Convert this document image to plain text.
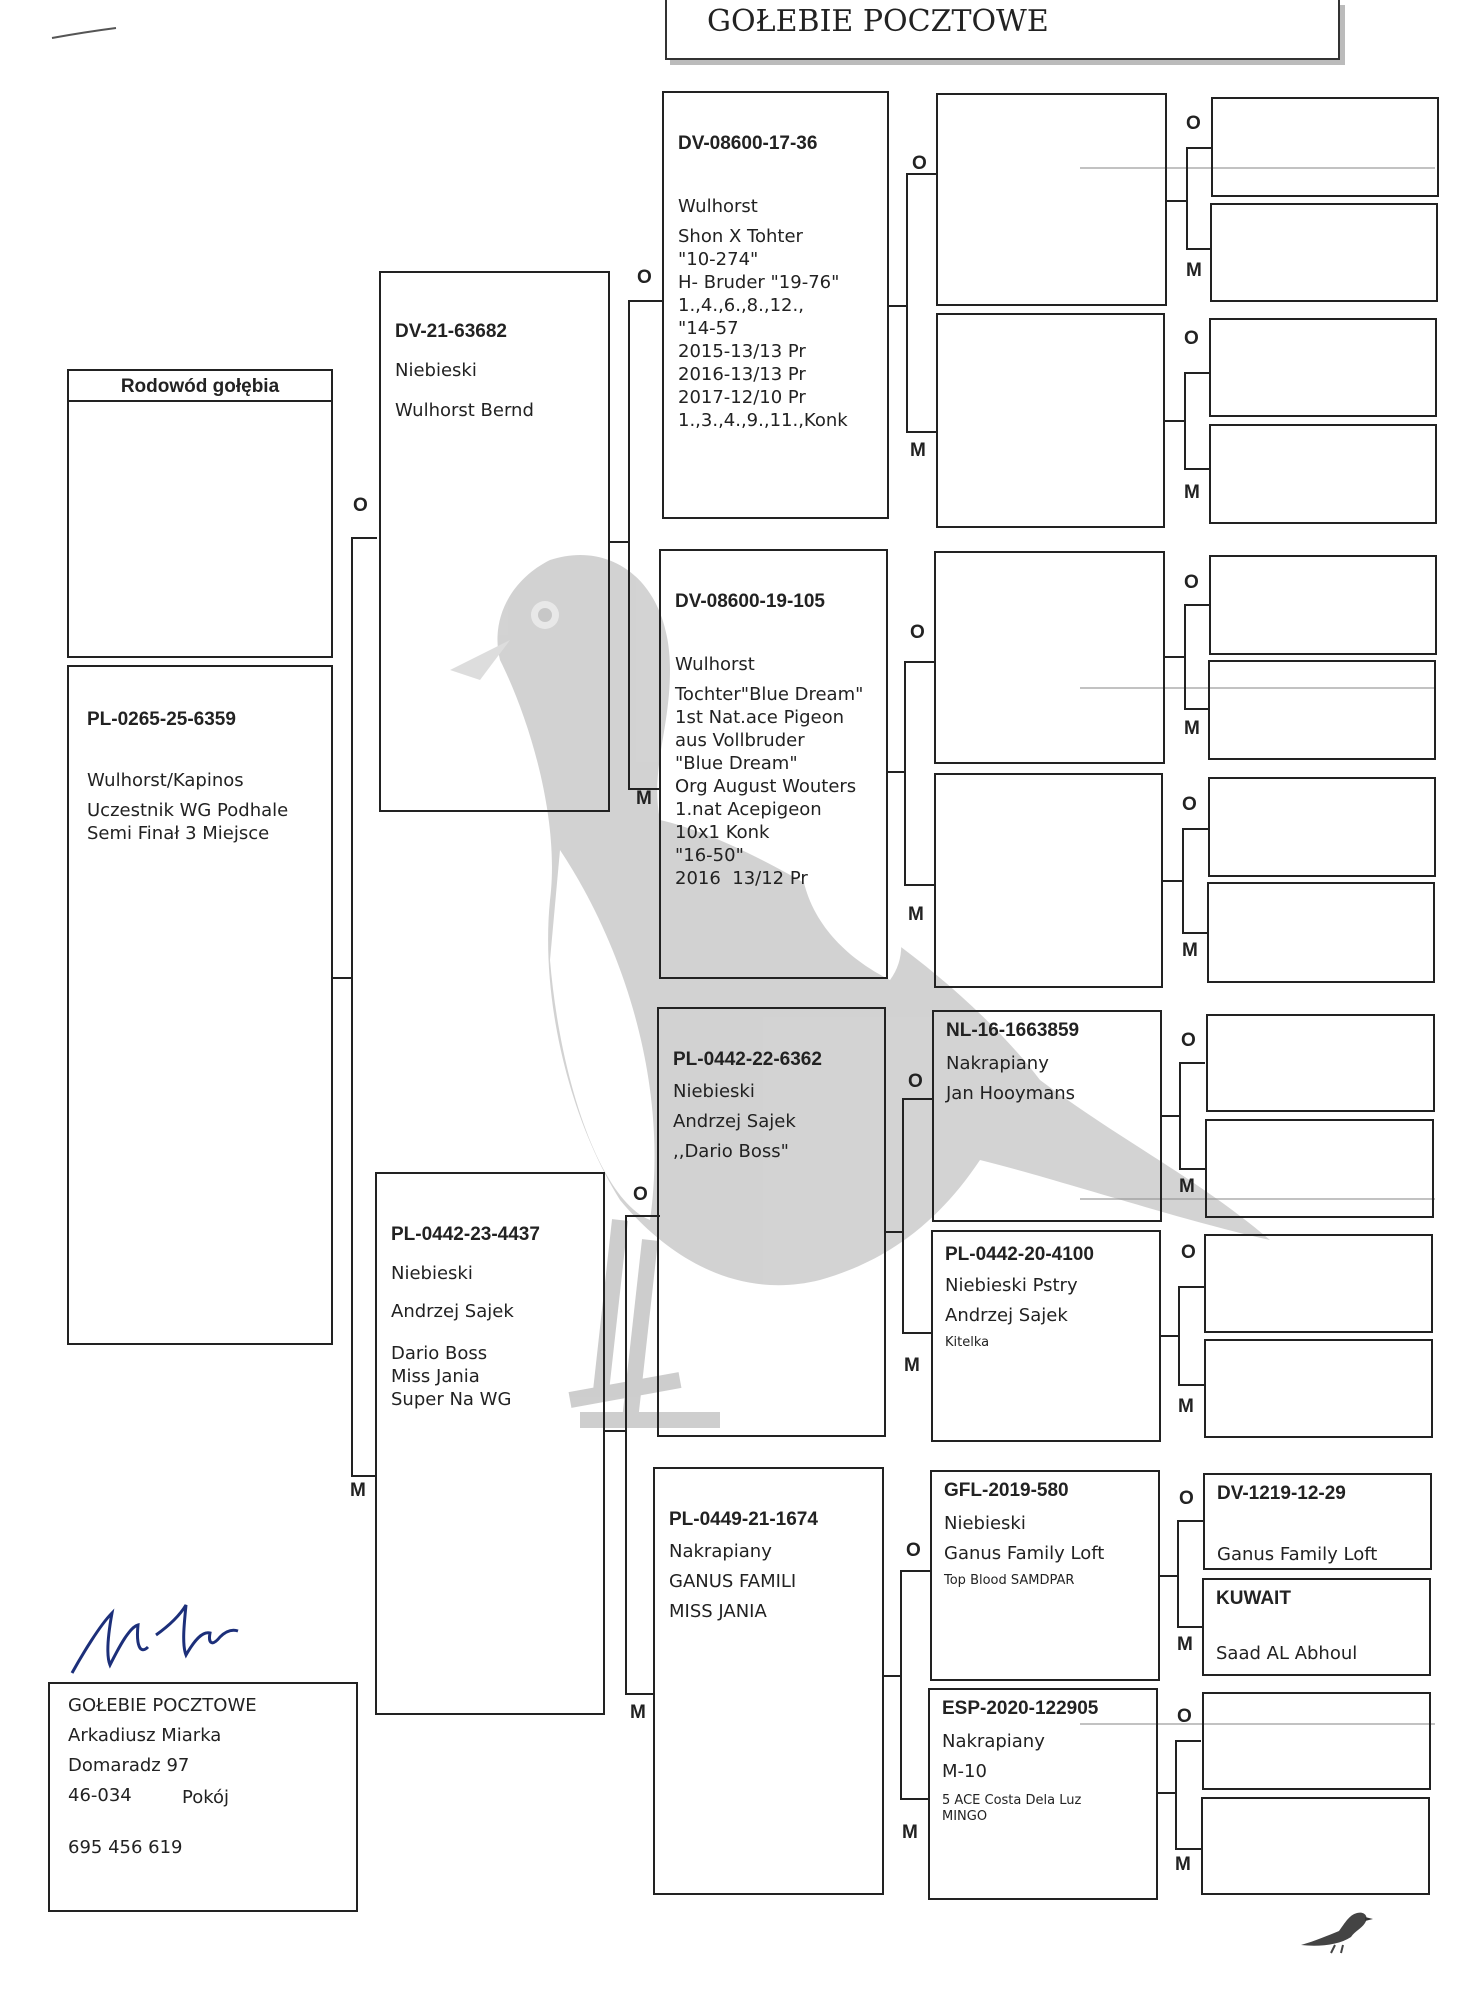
GOŁEBIE POCZTOWE
Rodowód gołębia
PL-0265-25-6359
Wulhorst/Kapinos
Uczestnik WG Podhale
Semi Finał 3 Miejsce
O
M
DV-21-63682
Niebieski
Wulhorst Bernd
PL-0442-23-4437
Niebieski
Andrzej Sajek
Dario Boss
Miss Jania
Super Na WG
O
M
O
M
DV-08600-17-36
Wulhorst
Shon X Tohter
"10-274"
H- Bruder "19-76"
1.,4.,6.,8.,12.,
"14-57
2015-13/13 Pr
2016-13/13 Pr
2017-12/10 Pr
1.,3.,4.,9.,11.,Konk
DV-08600-19-105
Wulhorst
Tochter"Blue Dream"
1st Nat.ace Pigeon
aus Vollbruder
"Blue Dream"
Org August Wouters
1.nat Acepigeon
10x1 Konk
"16-50"
2016  13/12 Pr
PL-0442-22-6362
Niebieski
Andrzej Sajek
,,Dario Boss"
PL-0449-21-1674
Nakrapiany
GANUS FAMILI
MISS JANIA
O
M
O
M
O
M
O
M
NL-16-1663859
Nakrapiany
Jan Hooymans
PL-0442-20-4100
Niebieski Pstry
Andrzej Sajek
Kitelka
GFL-2019-580
Niebieski
Ganus Family Loft
Top Blood SAMDPAR
ESP-2020-122905
Nakrapiany
M-10
5 ACE Costa Dela Luz
MINGO
O
M
O
M
O
M
O
M
O
M
O
M
O
M
O
M
DV-1219-12-29
Ganus Family Loft
KUWAIT
Saad AL Abhoul
GOŁEBIE POCZTOWE
Arkadiusz Miarka
Domaradz 97
46-034	Pokój
695 456 619
